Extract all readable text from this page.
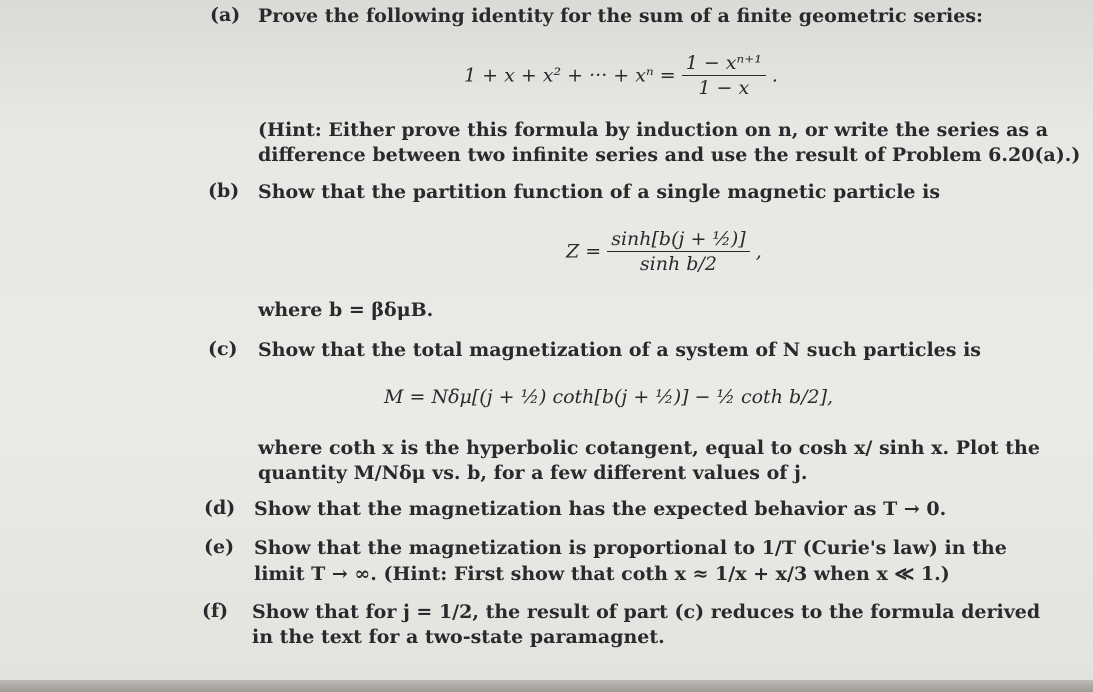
(a) Prove the following identity for the sum of a finite geometric series:
1 + x + x² + ··· + $x^n = \frac{\text{1 − xⁿ⁺¹}}{1 - x}$ .
(Hint: Either prove this formula by induction on n, or write the series as a
difference between two infinite series and use the result of Problem 6.20(a).)
(b) Show that the partition function of a single magnetic particle is
$Z = \frac{\text{sinh[b(j + ½)]}}{\text{sinh b/2}}$ ,
where b = βδμB.
(c) Show that the total magnetization of a system of N such particles is
M = Nδμ[(j + ½) coth[b(j + ½)] − ½ coth b/2],
where coth x is the hyperbolic cotangent, equal to cosh x/ sinh x. Plot the
quantity M/Nδμ vs. b, for a few different values of j.
(d) Show that the magnetization has the expected behavior as T → 0.
(e) Show that the magnetization is proportional to 1/T (Curie's law) in the
limit T → ∞. (Hint: First show that coth x ≈ 1/x + x/3 when x ≪ 1.)
(f) Show that for j = 1/2, the result of part (c) reduces to the formula derived
in the text for a two-state paramagnet.
